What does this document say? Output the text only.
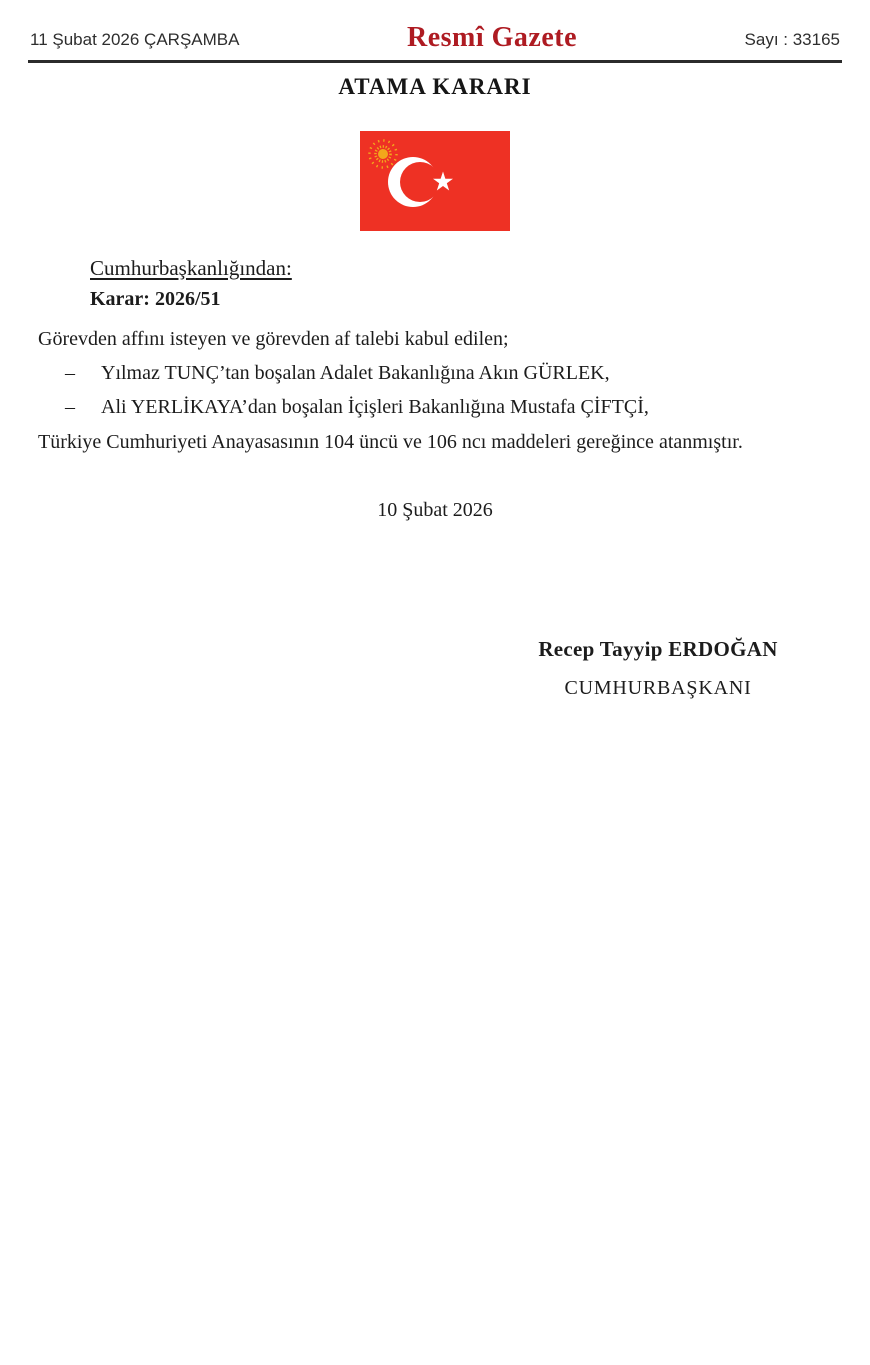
11 Şubat 2026 ÇARŞAMBA	Resmî Gazete	Sayı : 33165
ATAMA KARARI
Cumhurbaşkanlığından:
Karar: 2026/51

Görevden affını isteyen ve görevden af talebi kabul edilen;

–	Yılmaz TUNÇ’tan boşalan Adalet Bakanlığına Akın GÜRLEK,
–	Ali YERLİKAYA’dan boşalan İçişleri Bakanlığına Mustafa ÇİFTÇİ,

Türkiye Cumhuriyeti Anayasasının 104 üncü ve 106 ncı maddeleri gereğince atanmıştır.

10 Şubat 2026
Recep Tayyip ERDOĞAN
CUMHURBAŞKANI
